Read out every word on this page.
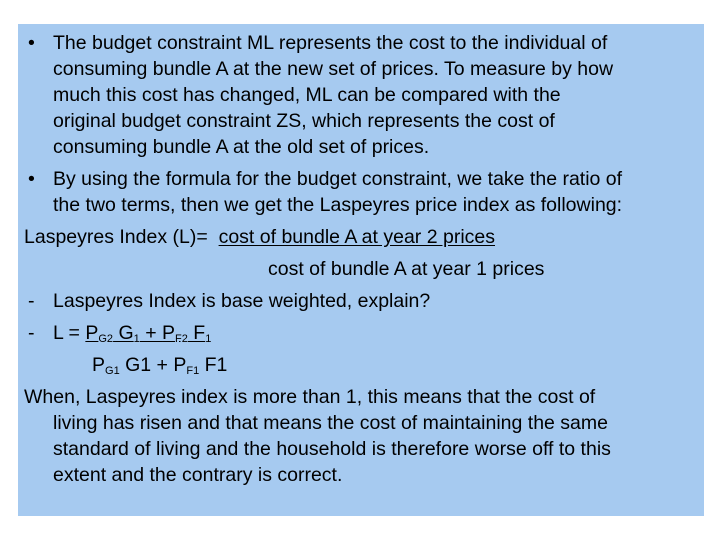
• The budget constraint ML represents the cost to the individual of
consuming bundle A at the new set of prices. To measure by how
much this cost has changed, ML can be compared with the
original budget constraint ZS, which represents the cost of
consuming bundle A at the old set of prices.
• By using the formula for the budget constraint, we take the ratio of
the two terms, then we get the Laspeyres price index as following:
Laspeyres Index (L)= cost of bundle A at year 2 prices
cost of bundle A at year 1 prices
- Laspeyres Index is base weighted, explain?
- $L = P_{G2}$ $G_1 + P_{F2}$ $F_1$
$P_{G1}$ $G1 + P_{F1}$ F1
When, Laspeyres index is more than 1, this means that the cost of
living has risen and that means the cost of maintaining the same
standard of living and the household is therefore worse off to this
extent and the contrary is correct.
